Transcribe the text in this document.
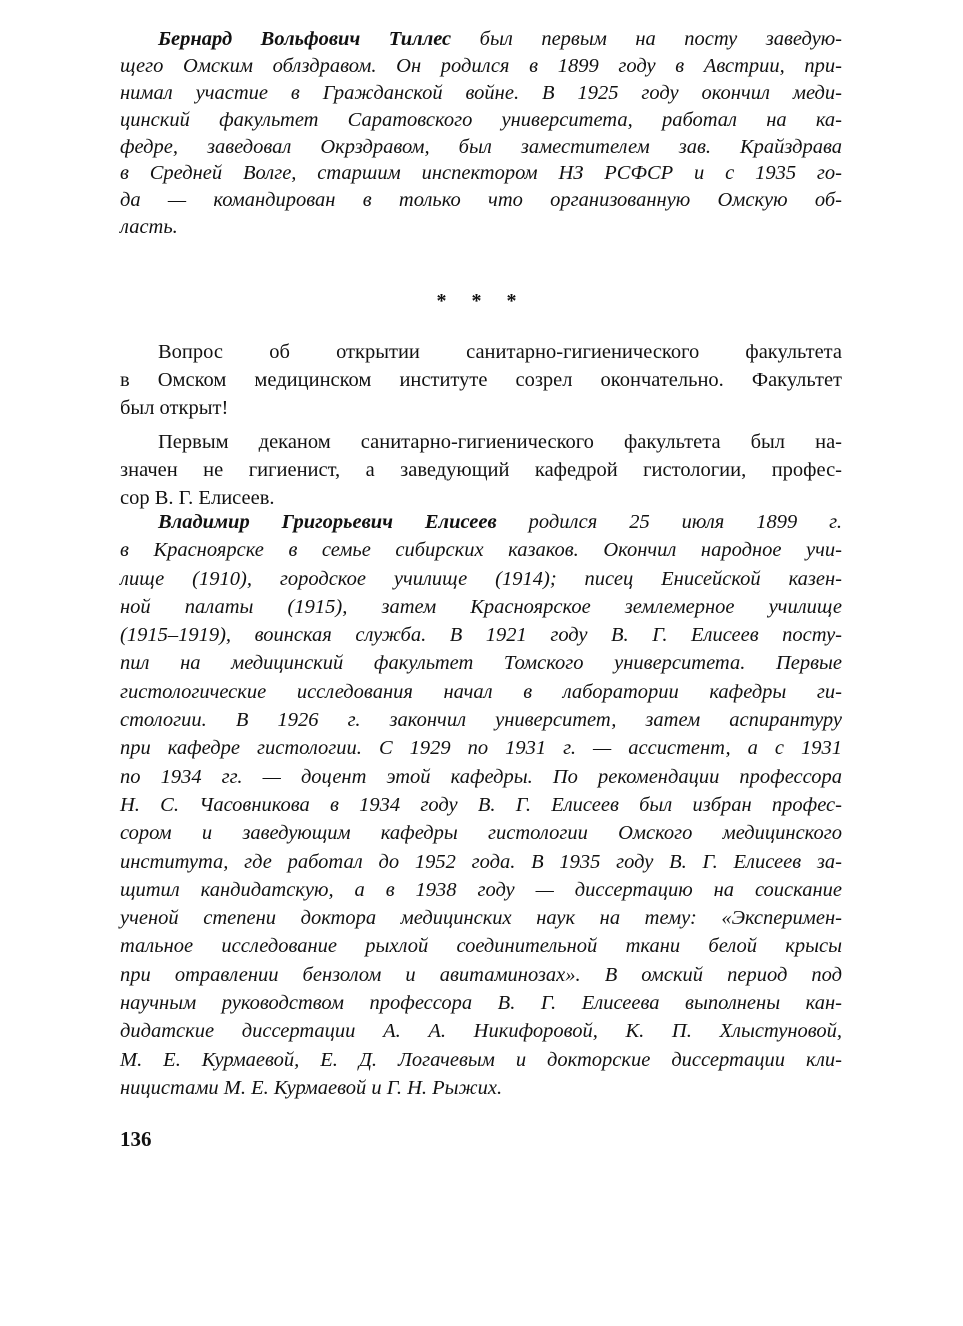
Бернард Вольфович Тиллес был первым на посту заведую-
щего Омским облздравом. Он родился в 1899 году в Австрии, при-
нимал участие в Гражданской войне. В 1925 году окончил меди-
цинский факультет Саратовского университета, работал на ка-
федре, заведовал Окрздравом, был заместителем зав. Крайздрава
в Средней Волге, старшим инспектором НЗ РСФСР и с 1935 го-
да — командирован в только что организованную Омскую об-
ласть.
* * *
Вопрос об открытии санитарно-гигиенического факультета
в Омском медицинском институте созрел окончательно. Факультет
был открыт!
Первым деканом санитарно-гигиенического факультета был на-
значен не гигиенист, а заведующий кафедрой гистологии, профес-
сор В. Г. Елисеев.
Владимир Григорьевич Елисеев родился 25 июля 1899 г.
в Красноярске в семье сибирских казаков. Окончил народное учи-
лище (1910), городское училище (1914); писец Енисейской казен-
ной палаты (1915), затем Красноярское землемерное училище
(1915–1919), воинская служба. В 1921 году В. Г. Елисеев посту-
пил на медицинский факультет Томского университета. Первые
гистологические исследования начал в лаборатории кафедры ги-
стологии. В 1926 г. закончил университет, затем аспирантуру
при кафедре гистологии. С 1929 по 1931 г. — ассистент, а с 1931
по 1934 гг. — доцент этой кафедры. По рекомендации профессора
Н. С. Часовникова в 1934 году В. Г. Елисеев был избран профес-
сором и заведующим кафедры гистологии Омского медицинского
института, где работал до 1952 года. В 1935 году В. Г. Елисеев за-
щитил кандидатскую, а в 1938 году — диссертацию на соискание
ученой степени доктора медицинских наук на тему: «Эксперимен-
тальное исследование рыхлой соединительной ткани белой крысы
при отравлении бензолом и авитаминозах». В омский период под
научным руководством профессора В. Г. Елисеева выполнены кан-
дидатские диссертации А. А. Никифоровой, К. П. Хлыстуновой,
М. Е. Курмаевой, Е. Д. Логачевым и докторские диссертации кли-
ницистами М. Е. Курмаевой и Г. Н. Рыжих.
136
